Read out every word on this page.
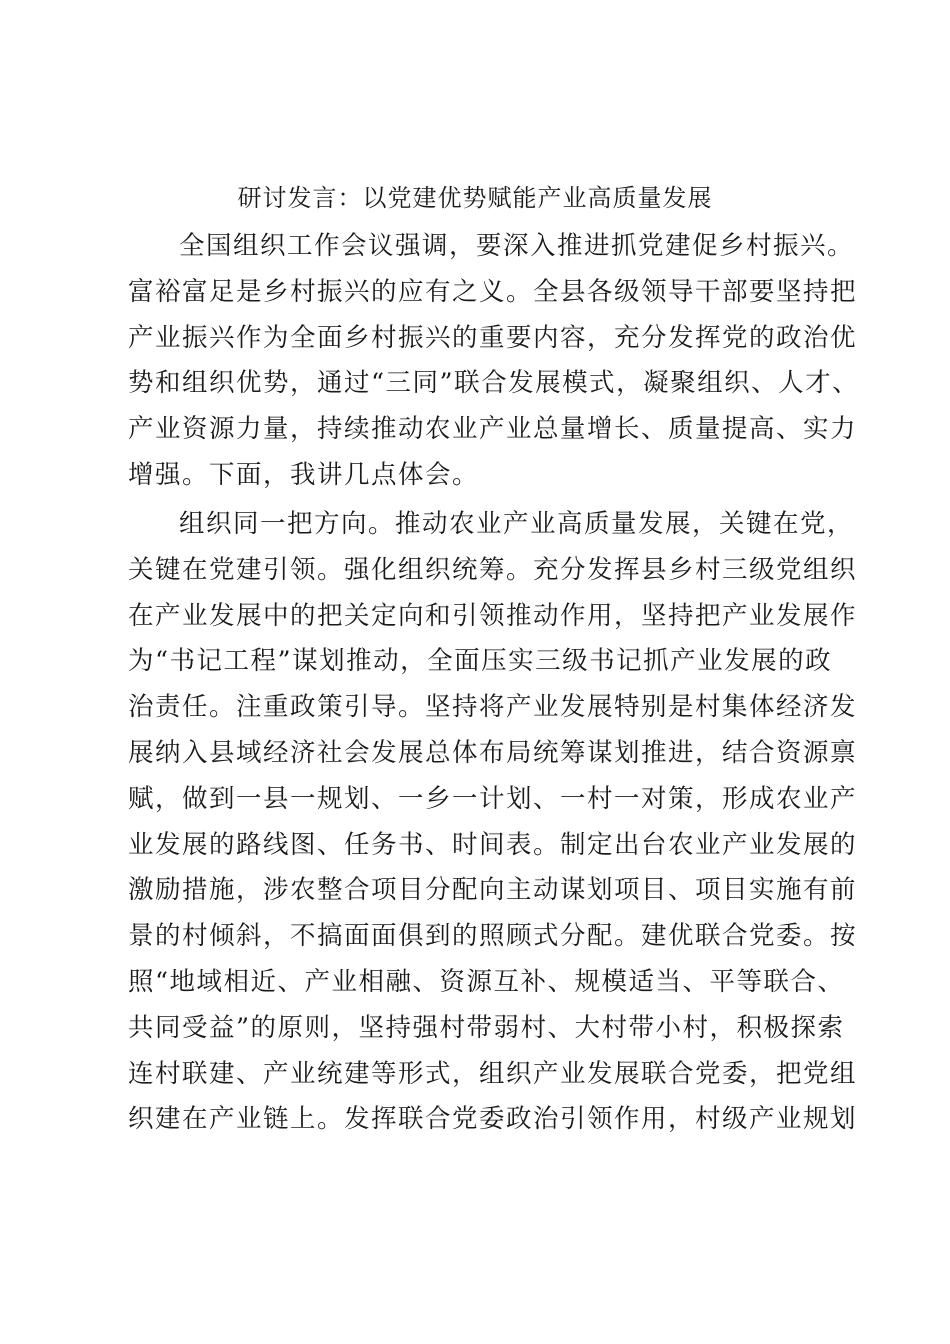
研讨发言：以党建优势赋能产业高质量发展
全国组织工作会议强调，要深入推进抓党建促乡村振兴。
富裕富足是乡村振兴的应有之义。全县各级领导干部要坚持把
产业振兴作为全面乡村振兴的重要内容，充分发挥党的政治优
势和组织优势，通过“三同”联合发展模式，凝聚组织、人才、
产业资源力量，持续推动农业产业总量增长、质量提高、实力
增强。下面，我讲几点体会。
组织同一把方向。推动农业产业高质量发展，关键在党，
关键在党建引领。强化组织统筹。充分发挥县乡村三级党组织
在产业发展中的把关定向和引领推动作用，坚持把产业发展作
为“书记工程”谋划推动，全面压实三级书记抓产业发展的政
治责任。注重政策引导。坚持将产业发展特别是村集体经济发
展纳入县域经济社会发展总体布局统筹谋划推进，结合资源禀
赋，做到一县一规划、一乡一计划、一村一对策，形成农业产
业发展的路线图、任务书、时间表。制定出台农业产业发展的
激励措施，涉农整合项目分配向主动谋划项目、项目实施有前
景的村倾斜，不搞面面俱到的照顾式分配。建优联合党委。按
照“地域相近、产业相融、资源互补、规模适当、平等联合、
共同受益”的原则，坚持强村带弱村、大村带小村，积极探索
连村联建、产业统建等形式，组织产业发展联合党委，把党组
织建在产业链上。发挥联合党委政治引领作用，村级产业规划
